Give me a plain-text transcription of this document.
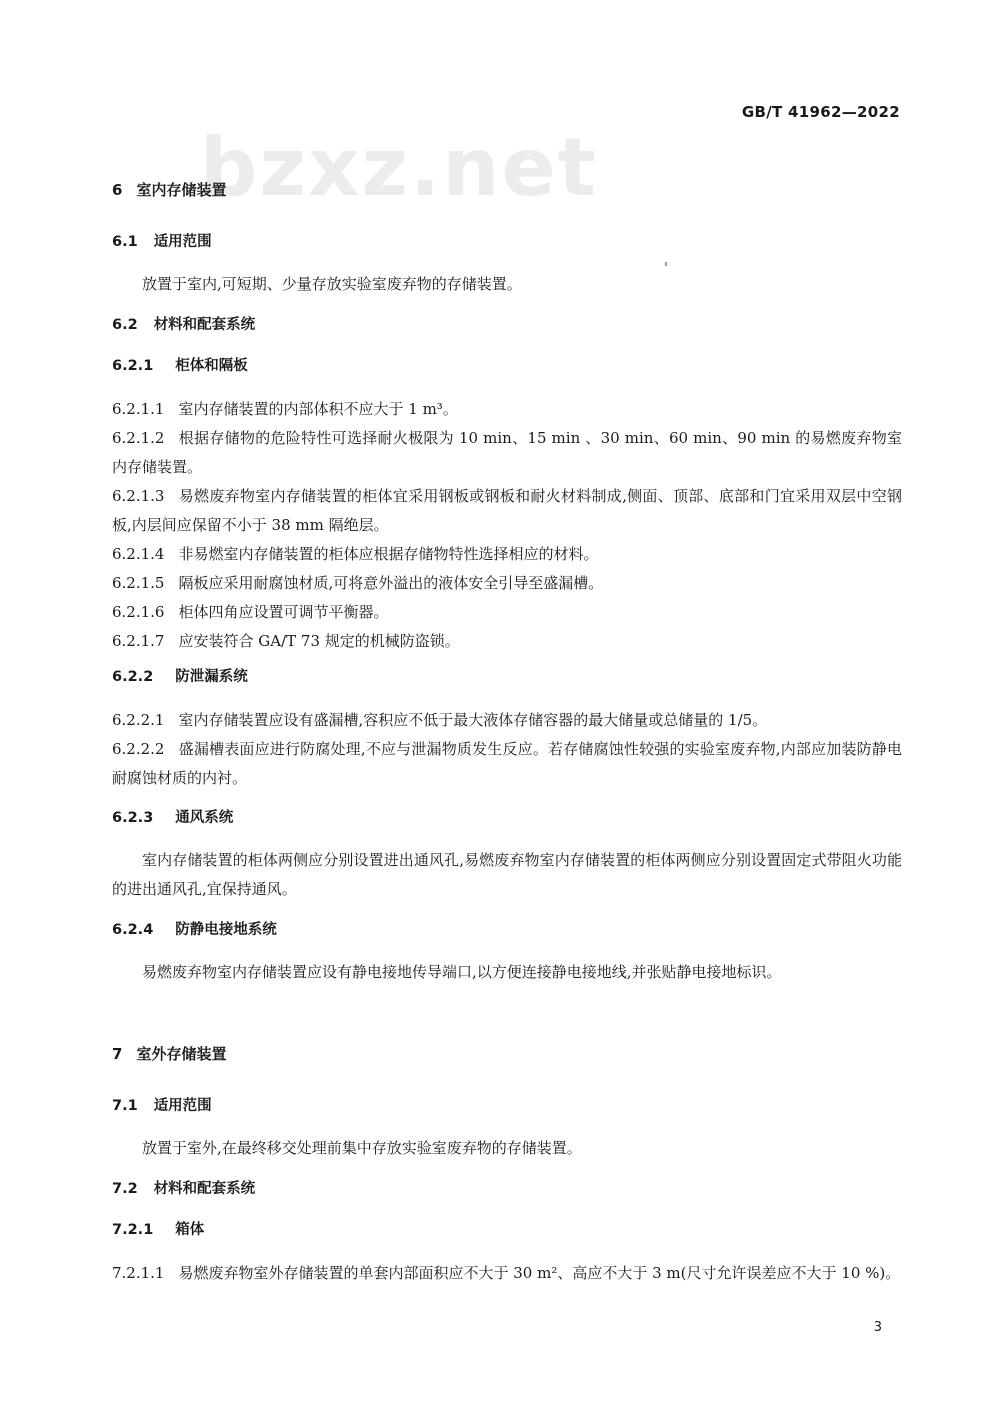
bzxz.net
GB/T 41962—2022
6 室内存储装置
6.1 适用范围
放置于室内,可短期、少量存放实验室废弃物的存储装置。
6.2 材料和配套系统
6.2.1 柜体和隔板
6.2.1.1 室内存储装置的内部体积不应大于 1 m³。
6.2.1.2 根据存储物的危险特性可选择耐火极限为 10 min、15 min 、30 min、60 min、90 min 的易燃废弃物室内存储装置。
6.2.1.3 易燃废弃物室内存储装置的柜体宜采用钢板或钢板和耐火材料制成,侧面、顶部、底部和门宜采用双层中空钢板,内层间应保留不小于 38 mm 隔绝层。
6.2.1.4 非易燃室内存储装置的柜体应根据存储物特性选择相应的材料。
6.2.1.5 隔板应采用耐腐蚀材质,可将意外溢出的液体安全引导至盛漏槽。
6.2.1.6 柜体四角应设置可调节平衡器。
6.2.1.7 应安装符合 GA/T 73 规定的机械防盗锁。
6.2.2 防泄漏系统
6.2.2.1 室内存储装置应设有盛漏槽,容积应不低于最大液体存储容器的最大储量或总储量的 1/5。
6.2.2.2 盛漏槽表面应进行防腐处理,不应与泄漏物质发生反应。若存储腐蚀性较强的实验室废弃物,内部应加装防静电耐腐蚀材质的内衬。
6.2.3 通风系统
室内存储装置的柜体两侧应分别设置进出通风孔,易燃废弃物室内存储装置的柜体两侧应分别设置固定式带阻火功能的进出通风孔,宜保持通风。
6.2.4 防静电接地系统
易燃废弃物室内存储装置应设有静电接地传导端口,以方便连接静电接地线,并张贴静电接地标识。
7 室外存储装置
7.1 适用范围
放置于室外,在最终移交处理前集中存放实验室废弃物的存储装置。
7.2 材料和配套系统
7.2.1 箱体
7.2.1.1 易燃废弃物室外存储装置的单套内部面积应不大于 30 m²、高应不大于 3 m(尺寸允许误差应不大于 10 %)。
3
